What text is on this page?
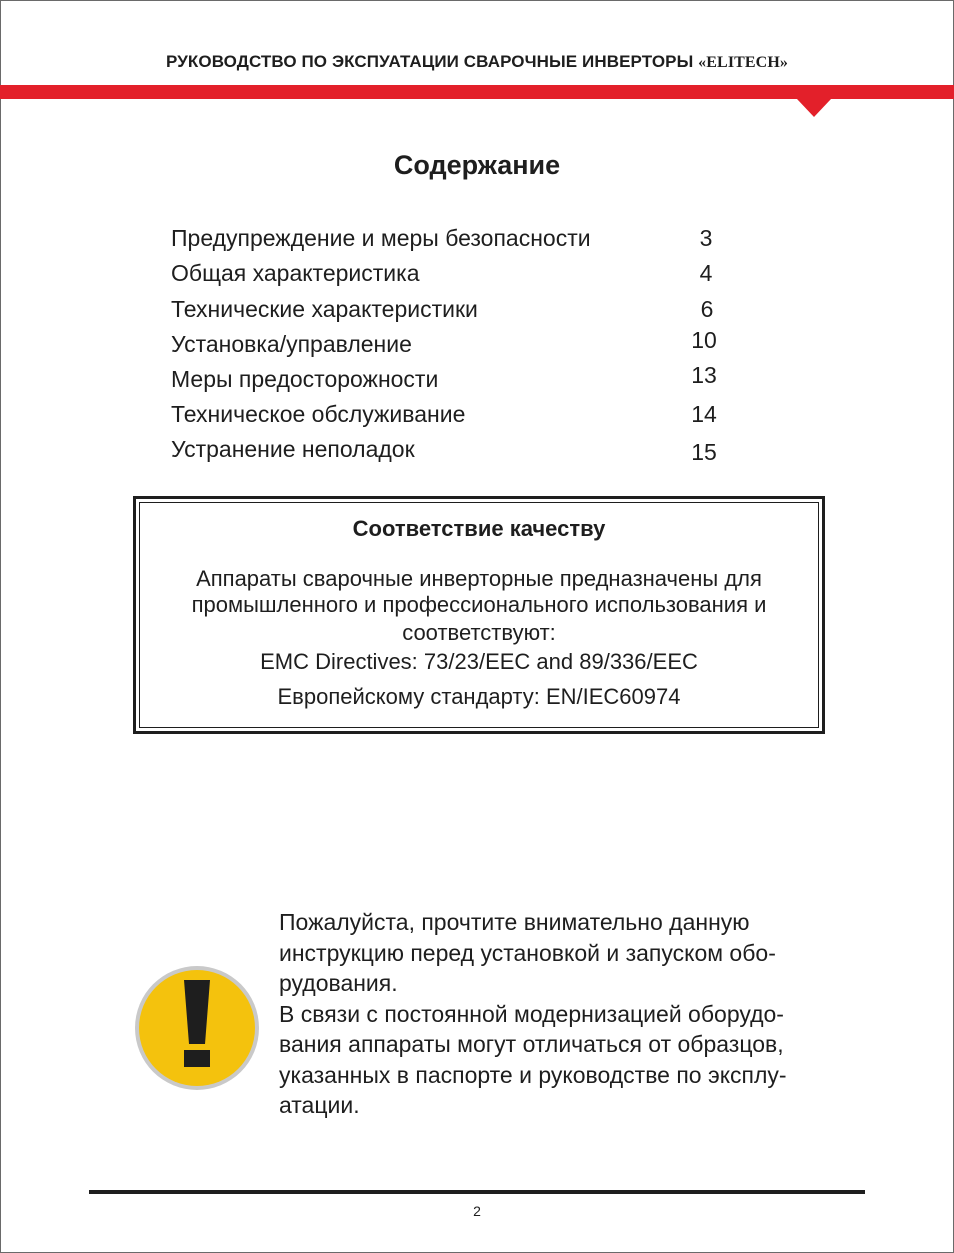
РУКОВОДСТВО ПО ЭКСПУАТАЦИИ СВАРОЧНЫЕ ИНВЕРТОРЫ «ELITECH»
Содержание
Предупреждение и меры безопасности	3
Общая характеристика	4
Технические характеристики	6
Установка/управление	10
Меры предосторожности	13
Техническое обслуживание	14
Устранение неполадок	15
Соответствие качеству
Аппараты сварочные инверторные предназначены для
промышленного и профессионального использования и
соответствуют:
EMC Directives: 73/23/EEC and 89/336/EEC
Европейскому стандарту: EN/IEC60974

Пожалуйста, прочтите внимательно данную

инструкцию перед установкой и запуском обо-

рудования.

В связи с постоянной модернизацией оборудо-

вания аппараты могут отличаться от образцов,

указанных в паспорте и руководстве по эксплу-

атации.

2
